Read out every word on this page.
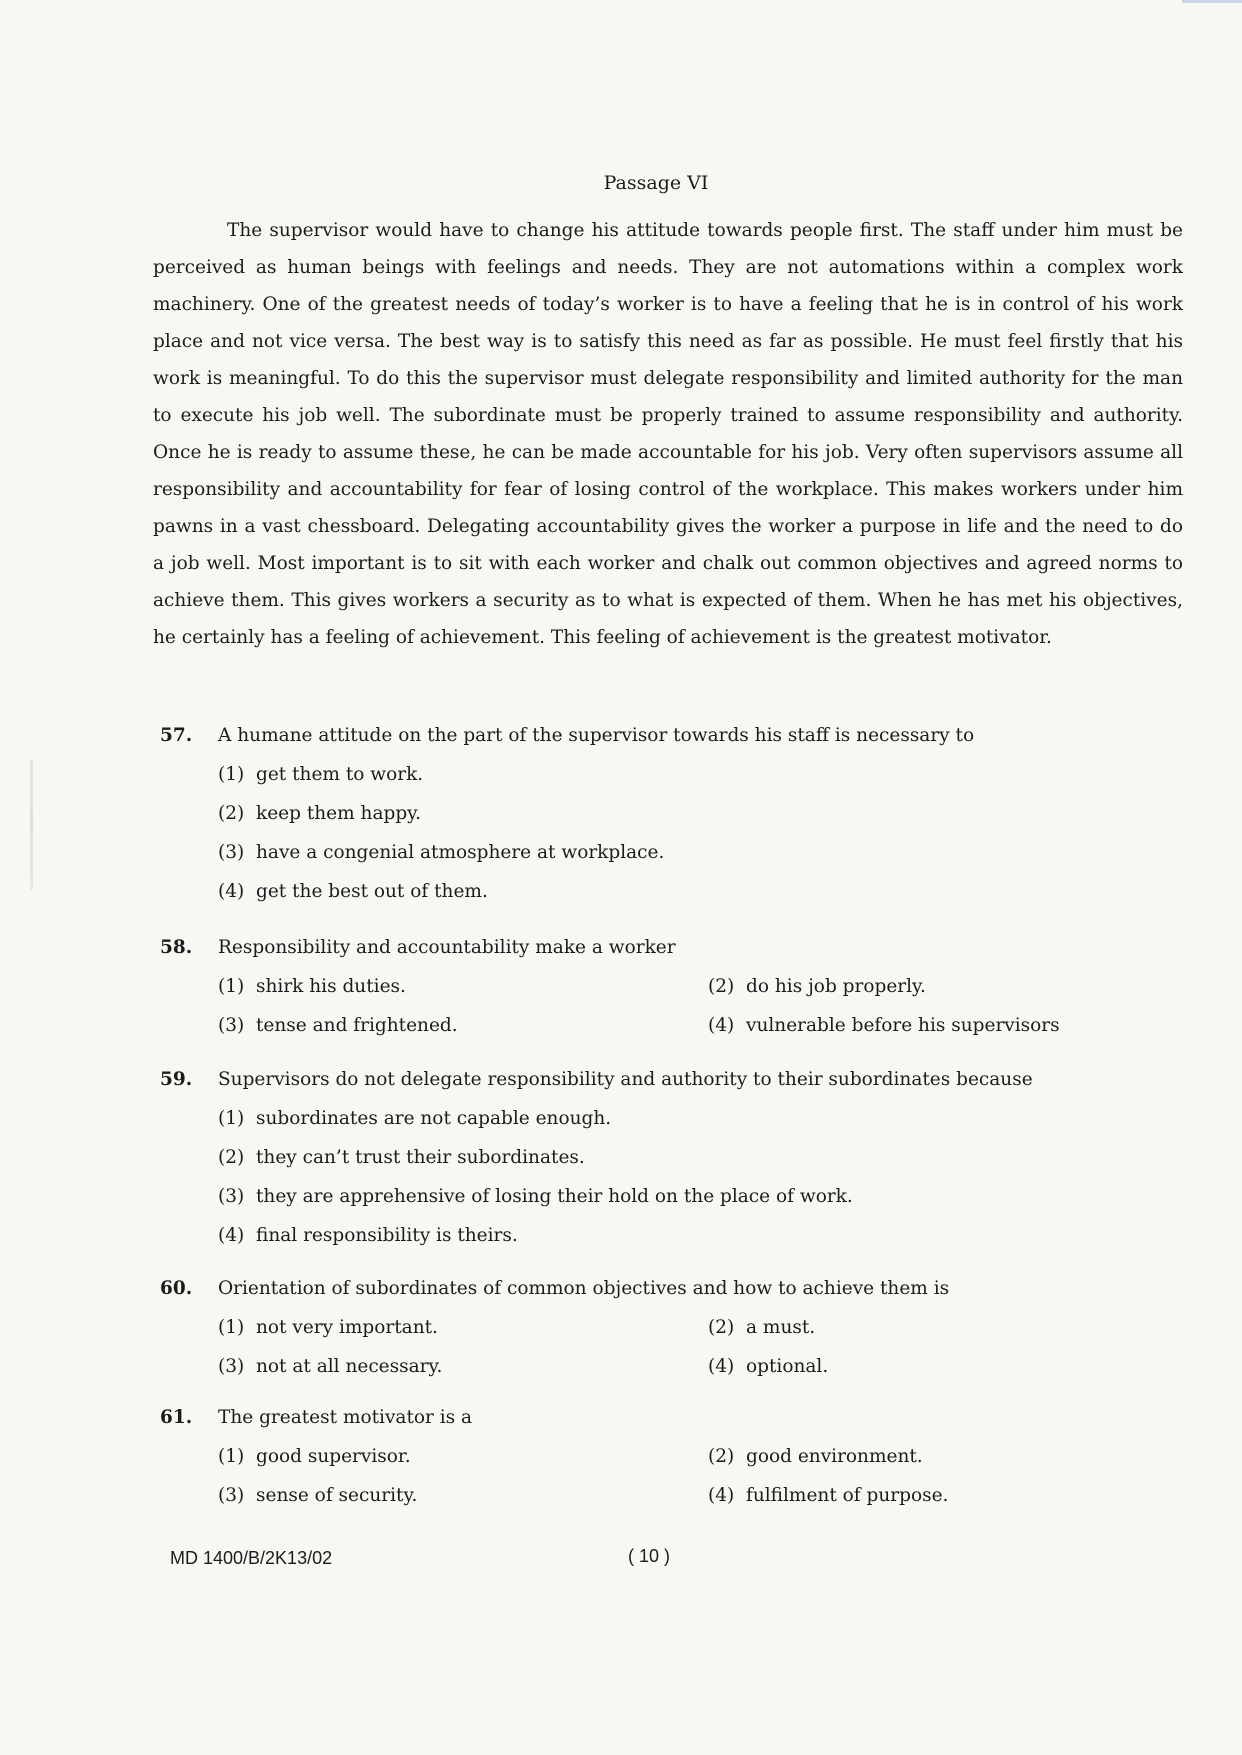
Passage VI

The supervisor would have to change his attitude towards people first. The staff under him must be perceived as human beings with feelings and needs. They are not automations within a complex work machinery. One of the greatest needs of today’s worker is to have a feeling that he is in control of his work place and not vice versa. The best way is to satisfy this need as far as possible. He must feel firstly that his work is meaningful. To do this the supervisor must delegate responsibility and limited authority for the man to execute his job well. The subordinate must be properly trained to assume responsibility and authority. Once he is ready to assume these, he can be made accountable for his job. Very often supervisors assume all responsibility and accountability for fear of losing control of the workplace. This makes workers under him pawns in a vast chessboard. Delegating accountability gives the worker a purpose in life and the need to do a job well. Most important is to sit with each worker and chalk out common objectives and agreed norms to achieve them. This gives workers a security as to what is expected of them. When he has met his objectives, he certainly has a feeling of achievement. This feeling of achievement is the greatest motivator.

57.	A humane attitude on the part of the supervisor towards his staff is necessary to
(1) get them to work.
(2) keep them happy.
(3) have a congenial atmosphere at workplace.
(4) get the best out of them.
58.	Responsibility and accountability make a worker
(1) shirk his duties.	(2) do his job properly.
(3) tense and frightened.	(4) vulnerable before his supervisors
59.	Supervisors do not delegate responsibility and authority to their subordinates because
(1) subordinates are not capable enough.
(2) they can’t trust their subordinates.
(3) they are apprehensive of losing their hold on the place of work.
(4) final responsibility is theirs.
60.	Orientation of subordinates of common objectives and how to achieve them is
(1) not very important.	(2) a must.
(3) not at all necessary.	(4) optional.
61.	The greatest motivator is a
(1) good supervisor.	(2) good environment.
(3) sense of security.	(4) fulfilment of purpose.
MD 1400/B/2K13/02	( 10 )
